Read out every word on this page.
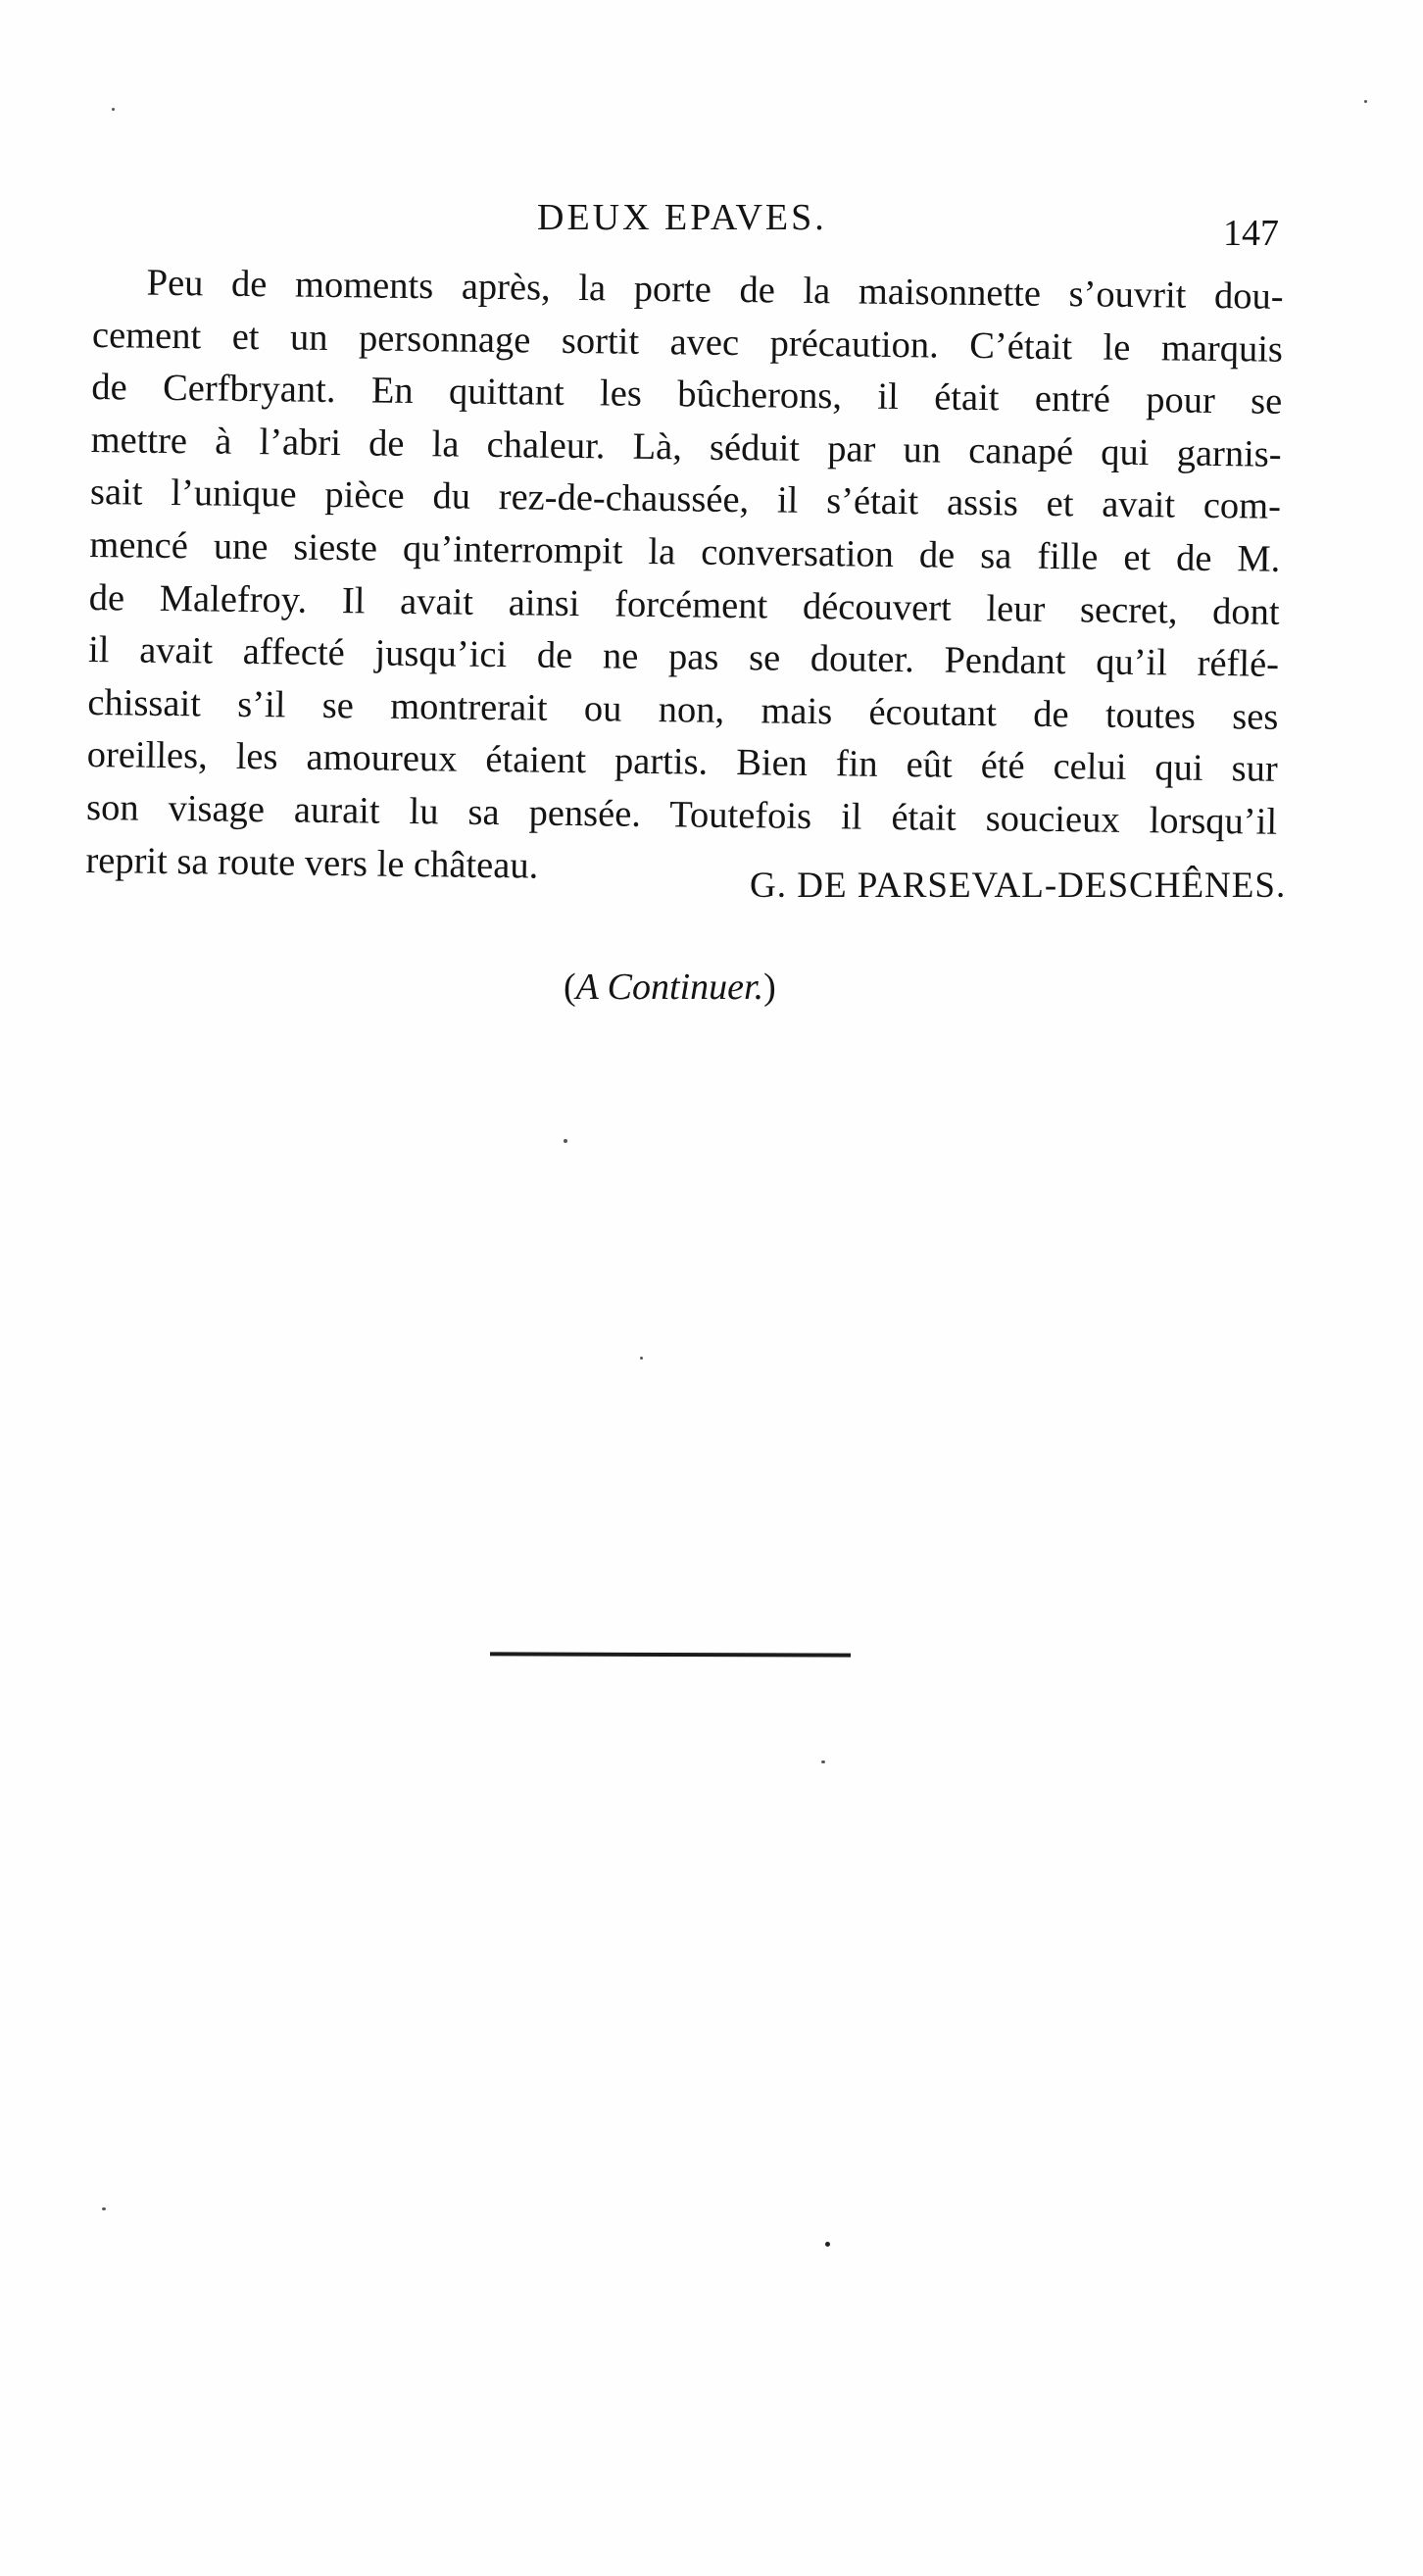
DEUX EPAVES.	147
Peu de moments après, la porte de la maisonnette s’ouvrit dou-
cement et un personnage sortit avec précaution. C’était le marquis
de Cerfbryant. En quittant les bûcherons, il était entré pour se
mettre à l’abri de la chaleur. Là, séduit par un canapé qui garnis-
sait l’unique pièce du rez-de-chaussée, il s’était assis et avait com-
mencé une sieste qu’interrompit la conversation de sa fille et de M.
de Malefroy. Il avait ainsi forcément découvert leur secret, dont
il avait affecté jusqu’ici de ne pas se douter. Pendant qu’il réflé-
chissait s’il se montrerait ou non, mais écoutant de toutes ses
oreilles, les amoureux étaient partis. Bien fin eût été celui qui sur
son visage aurait lu sa pensée. Toutefois il était soucieux lorsqu’il
reprit sa route vers le château.	G. DE PARSEVAL-DESCHÊNES.
(A Continuer.)
